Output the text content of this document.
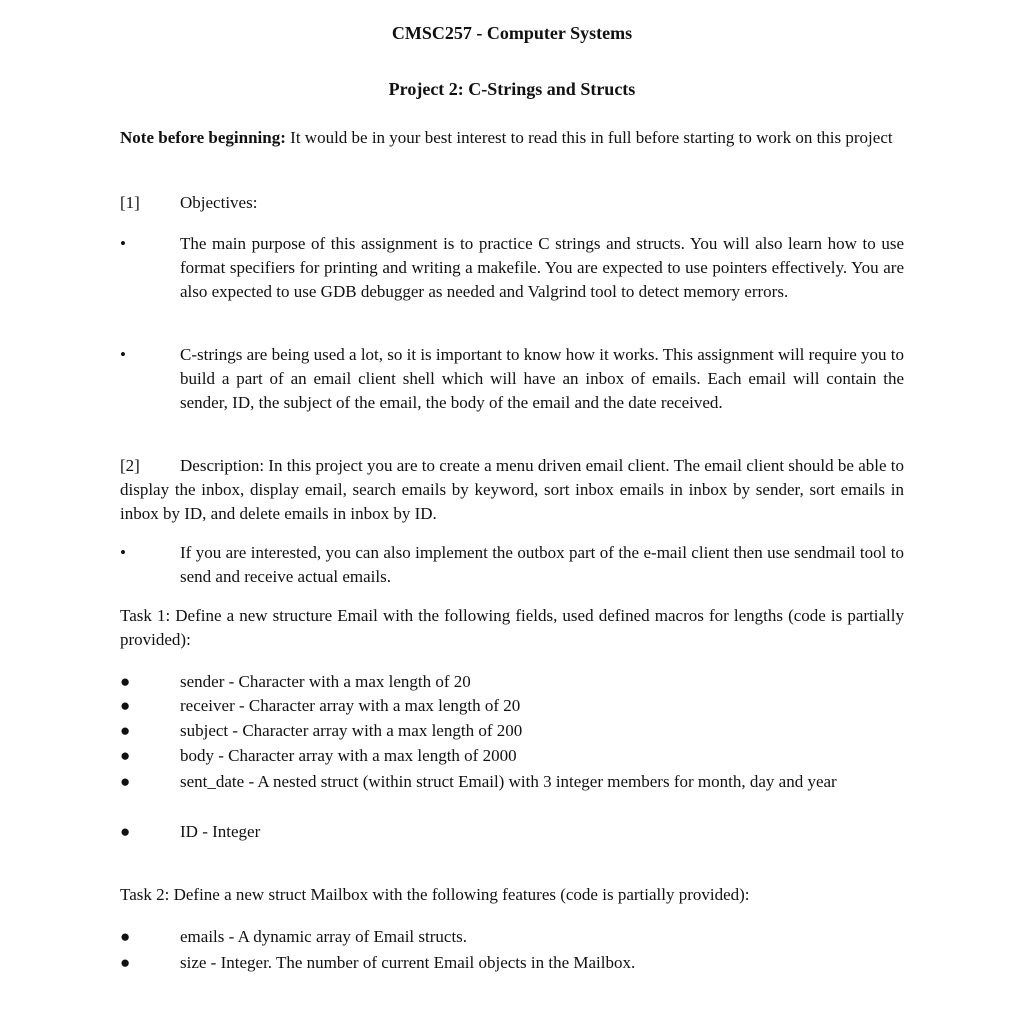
CMSC257 - Computer Systems
Project 2: C-Strings and Structs
Note before beginning: It would be in your best interest to read this in full before starting to work on this project
[1]	Objectives:
•	The main purpose of this assignment is to practice C strings and structs. You will also learn how to use format specifiers for printing and writing a makefile. You are expected to use pointers effectively. You are also expected to use GDB debugger as needed and Valgrind tool to detect memory errors.
•	C-strings are being used a lot, so it is important to know how it works. This assignment will require you to build a part of an email client shell which will have an inbox of emails. Each email will contain the sender, ID, the subject of the email, the body of the email and the date received.
[2]	Description: In this project you are to create a menu driven email client. The email client should be able to display the inbox, display email, search emails by keyword, sort inbox emails in inbox by sender, sort emails in inbox by ID, and delete emails in inbox by ID.
•	If you are interested, you can also implement the outbox part of the e-mail client then use sendmail tool to send and receive actual emails.
Task 1: Define a new structure Email with the following fields, used defined macros for lengths (code is partially provided):
●	sender - Character with a max length of 20
●	receiver - Character array with a max length of 20
●	subject - Character array with a max length of 200
●	body - Character array with a max length of 2000
●	sent_date - A nested struct (within struct Email) with 3 integer members for month, day and year
●	ID - Integer
Task 2: Define a new struct Mailbox with the following features (code is partially provided):
●	emails - A dynamic array of Email structs.
●	size - Integer. The number of current Email objects in the Mailbox.
